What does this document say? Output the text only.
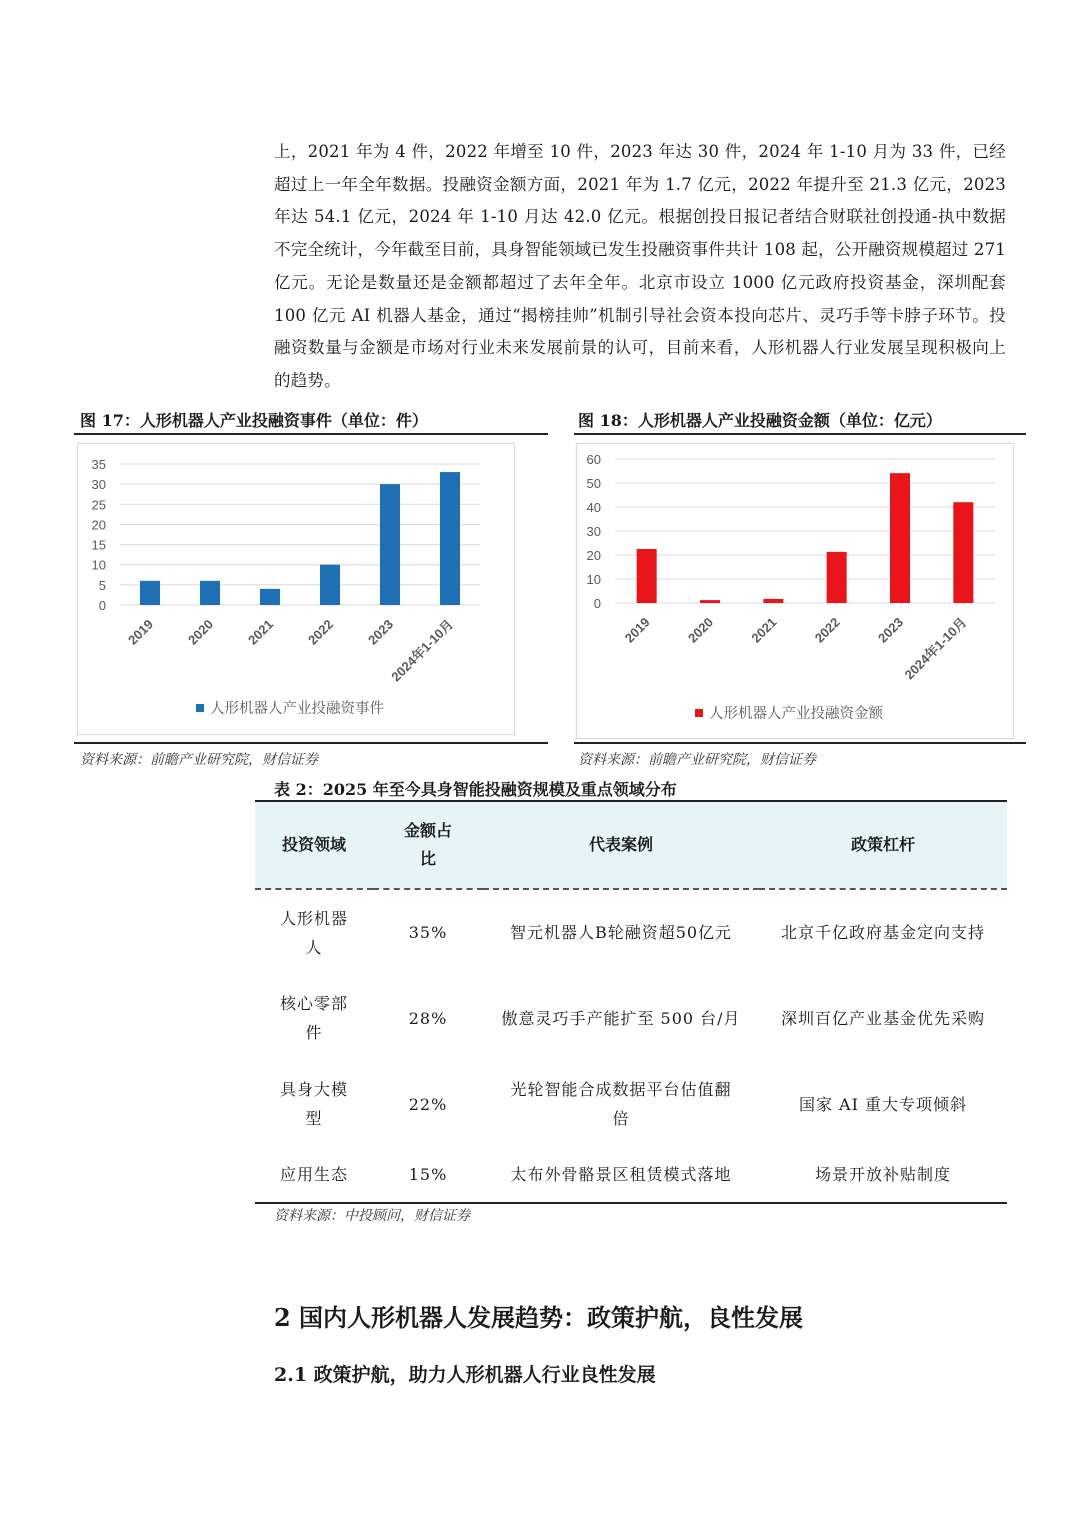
上，2021 年为 4 件，2022 年增至 10 件，2023 年达 30 件，2024 年 1-10 月为 33 件，已经超过上一年全年数据。投融资金额方面，2021 年为 1.7 亿元，2022 年提升至 21.3 亿元，2023 年达 54.1 亿元，2024 年 1-10 月达 42.0 亿元。根据创投日报记者结合财联社创投通-执中数据不完全统计，今年截至目前，具身智能领域已发生投融资事件共计 108 起，公开融资规模超过 271 亿元。无论是数量还是金额都超过了去年全年。北京市设立 1000 亿元政府投资基金，深圳配套 100 亿元 AI 机器人基金，通过“揭榜挂帅”机制引导社会资本投向芯片、灵巧手等卡脖子环节。投融资数量与金额是市场对行业未来发展前景的认可，目前来看，人形机器人行业发展呈现积极向上的趋势。

图 17：人形机器人产业投融资事件（单位：件）	图 18：人形机器人产业投融资金额（单位：亿元）
0
5
10
15
20
25
30
35
2019 2020 2021 2022 2023
2024年1-10月
人形机器人产业投融资事件
0
10
20
30
40
50
60
2019 2020 2021 2022 2023
2024年1-10月
人形机器人产业投融资金额
资料来源：前瞻产业研究院，财信证券	资料来源：前瞻产业研究院，财信证券
表 2：2025 年至今具身智能投融资规模及重点领域分布
投资领域	金额占比	代表案例	政策杠杆
人形机器人	35%	智元机器人B轮融资超50亿元	北京千亿政府基金定向支持
核心零部件	28%	傲意灵巧手产能扩至 500 台/月	深圳百亿产业基金优先采购
具身大模型	22%	光轮智能合成数据平台估值翻倍	国家 AI 重大专项倾斜
应用生态	15%	太布外骨骼景区租赁模式落地	场景开放补贴制度
资料来源：中投顾问，财信证券
2 国内人形机器人发展趋势：政策护航，良性发展
2.1 政策护航，助力人形机器人行业良性发展
